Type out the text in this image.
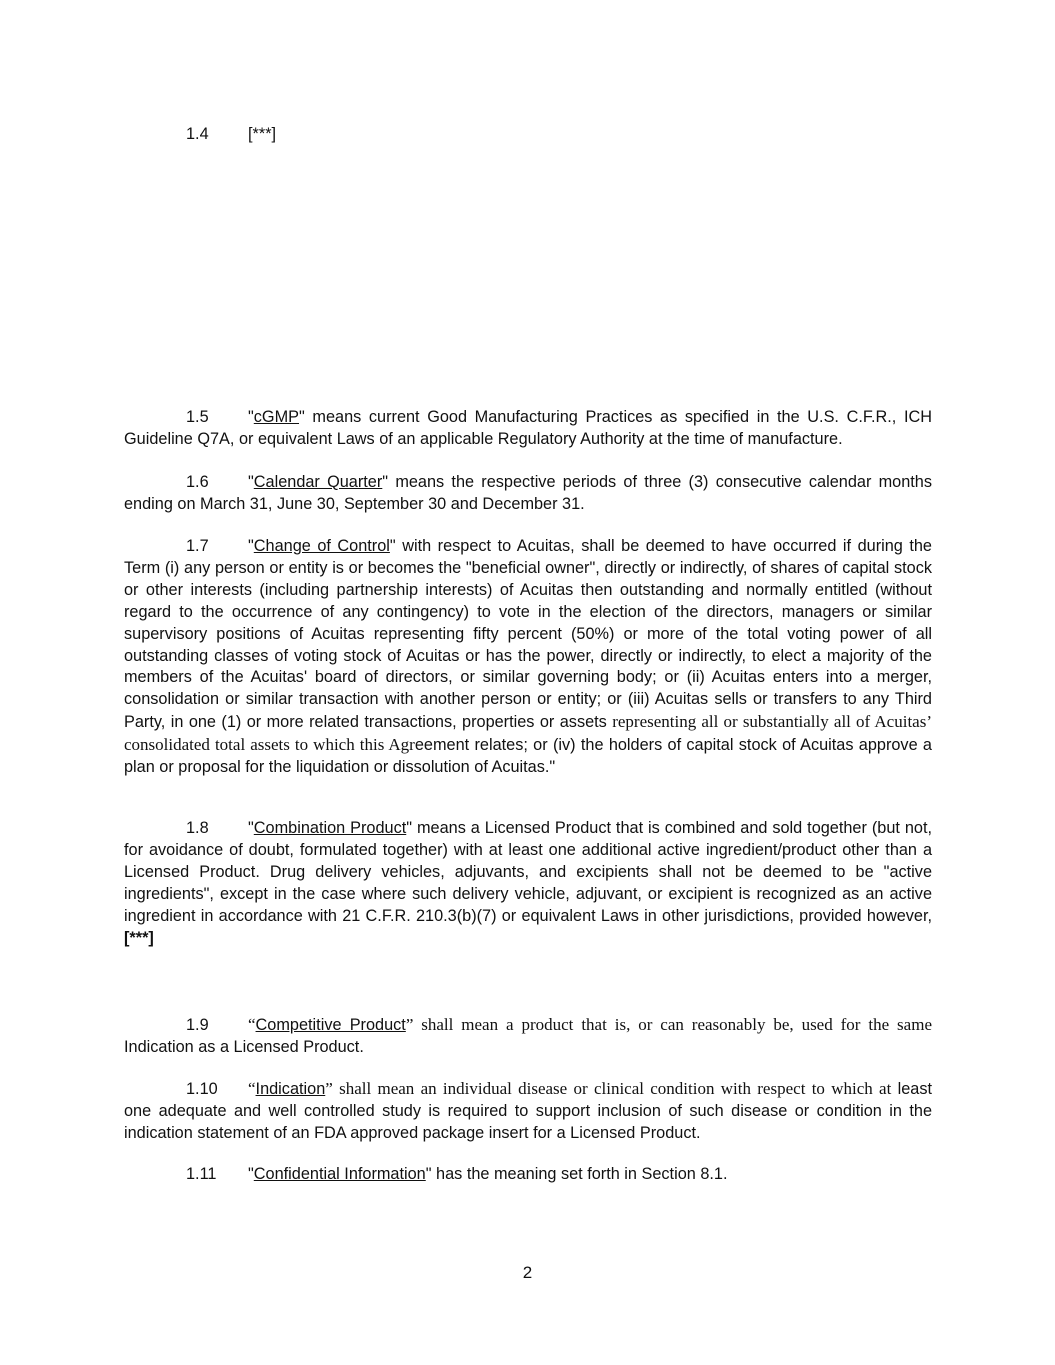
1.4 [***]

1.5 "cGMP" means current Good Manufacturing Practices as specified in the U.S. C.F.R., ICH Guideline Q7A, or equivalent Laws of an applicable Regulatory Authority at the time of manufacture.

1.6 "Calendar Quarter" means the respective periods of three (3) consecutive calendar months ending on March 31, June 30, September 30 and December 31.

1.7 "Change of Control" with respect to Acuitas, shall be deemed to have occurred if during the Term (i) any person or entity is or becomes the "beneficial owner", directly or indirectly, of shares of capital stock or other interests (including partnership interests) of Acuitas then outstanding and normally entitled (without regard to the occurrence of any contingency) to vote in the election of the directors, managers or similar supervisory positions of Acuitas representing fifty percent (50%) or more of the total voting power of all outstanding classes of voting stock of Acuitas or has the power, directly or indirectly, to elect a majority of the members of the Acuitas' board of directors, or similar governing body; or (ii) Acuitas enters into a merger, consolidation or similar transaction with another person or entity; or (iii) Acuitas sells or transfers to any Third Party, in one (1) or more related transactions, properties or assets representing all or substantially all of Acuitas’ consolidated total assets to which this Agreement relates; or (iv) the holders of capital stock of Acuitas approve a plan or proposal for the liquidation or dissolution of Acuitas."

1.8 "Combination Product" means a Licensed Product that is combined and sold together (but not, for avoidance of doubt, formulated together) with at least one additional active ingredient/product other than a Licensed Product. Drug delivery vehicles, adjuvants, and excipients shall not be deemed to be "active ingredients", except in the case where such delivery vehicle, adjuvant, or excipient is recognized as an active ingredient in accordance with 21 C.F.R. 210.3(b)(7) or equivalent Laws in other jurisdictions, provided however, [***]

1.9 “Competitive Product” shall mean a product that is, or can reasonably be, used for the same Indication as a Licensed Product.

1.10 “Indication” shall mean an individual disease or clinical condition with respect to which at least one adequate and well controlled study is required to support inclusion of such disease or condition in the indication statement of an FDA approved package insert for a Licensed Product.

1.11 "Confidential Information" has the meaning set forth in Section 8.1.

2
